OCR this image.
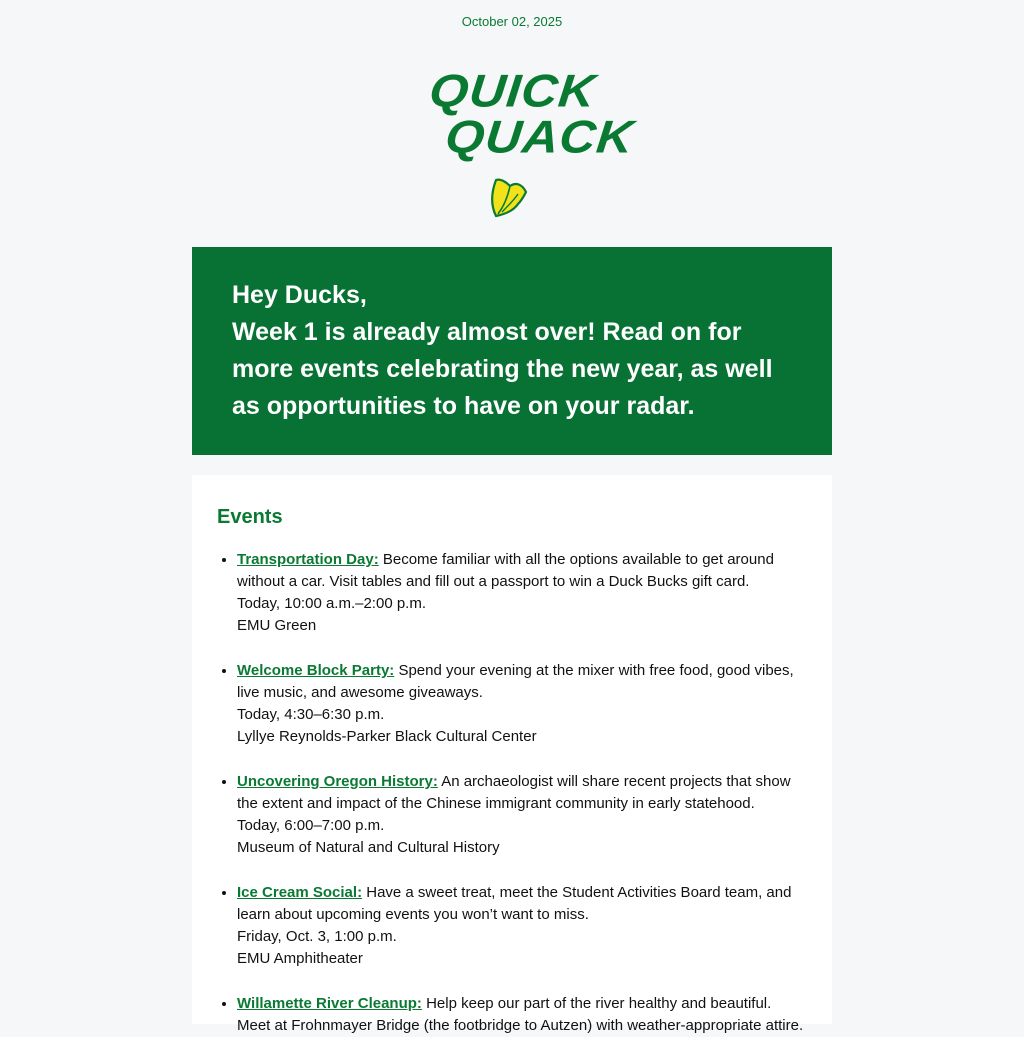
October 02, 2025
QUICK
QUACK

Hey Ducks,

Week 1 is already almost over! Read on for more events celebrating the new year, as well as opportunities to have on your radar.

Events
• Transportation Day: Become familiar with all the options available to get around without a car. Visit tables and fill out a passport to win a Duck Bucks gift card.
Today, 10:00 a.m.–2:00 p.m.
EMU Green
• Welcome Block Party: Spend your evening at the mixer with free food, good vibes, live music, and awesome giveaways.
Today, 4:30–6:30 p.m.
Lyllye Reynolds-Parker Black Cultural Center
• Uncovering Oregon History: An archaeologist will share recent projects that show the extent and impact of the Chinese immigrant community in early statehood.
Today, 6:00–7:00 p.m.
Museum of Natural and Cultural History
• Ice Cream Social: Have a sweet treat, meet the Student Activities Board team, and learn about upcoming events you won’t want to miss.
Friday, Oct. 3, 1:00 p.m.
EMU Amphitheater
• Willamette River Cleanup: Help keep our part of the river healthy and beautiful. Meet at Frohnmayer Bridge (the footbridge to Autzen) with weather-appropriate attire.
